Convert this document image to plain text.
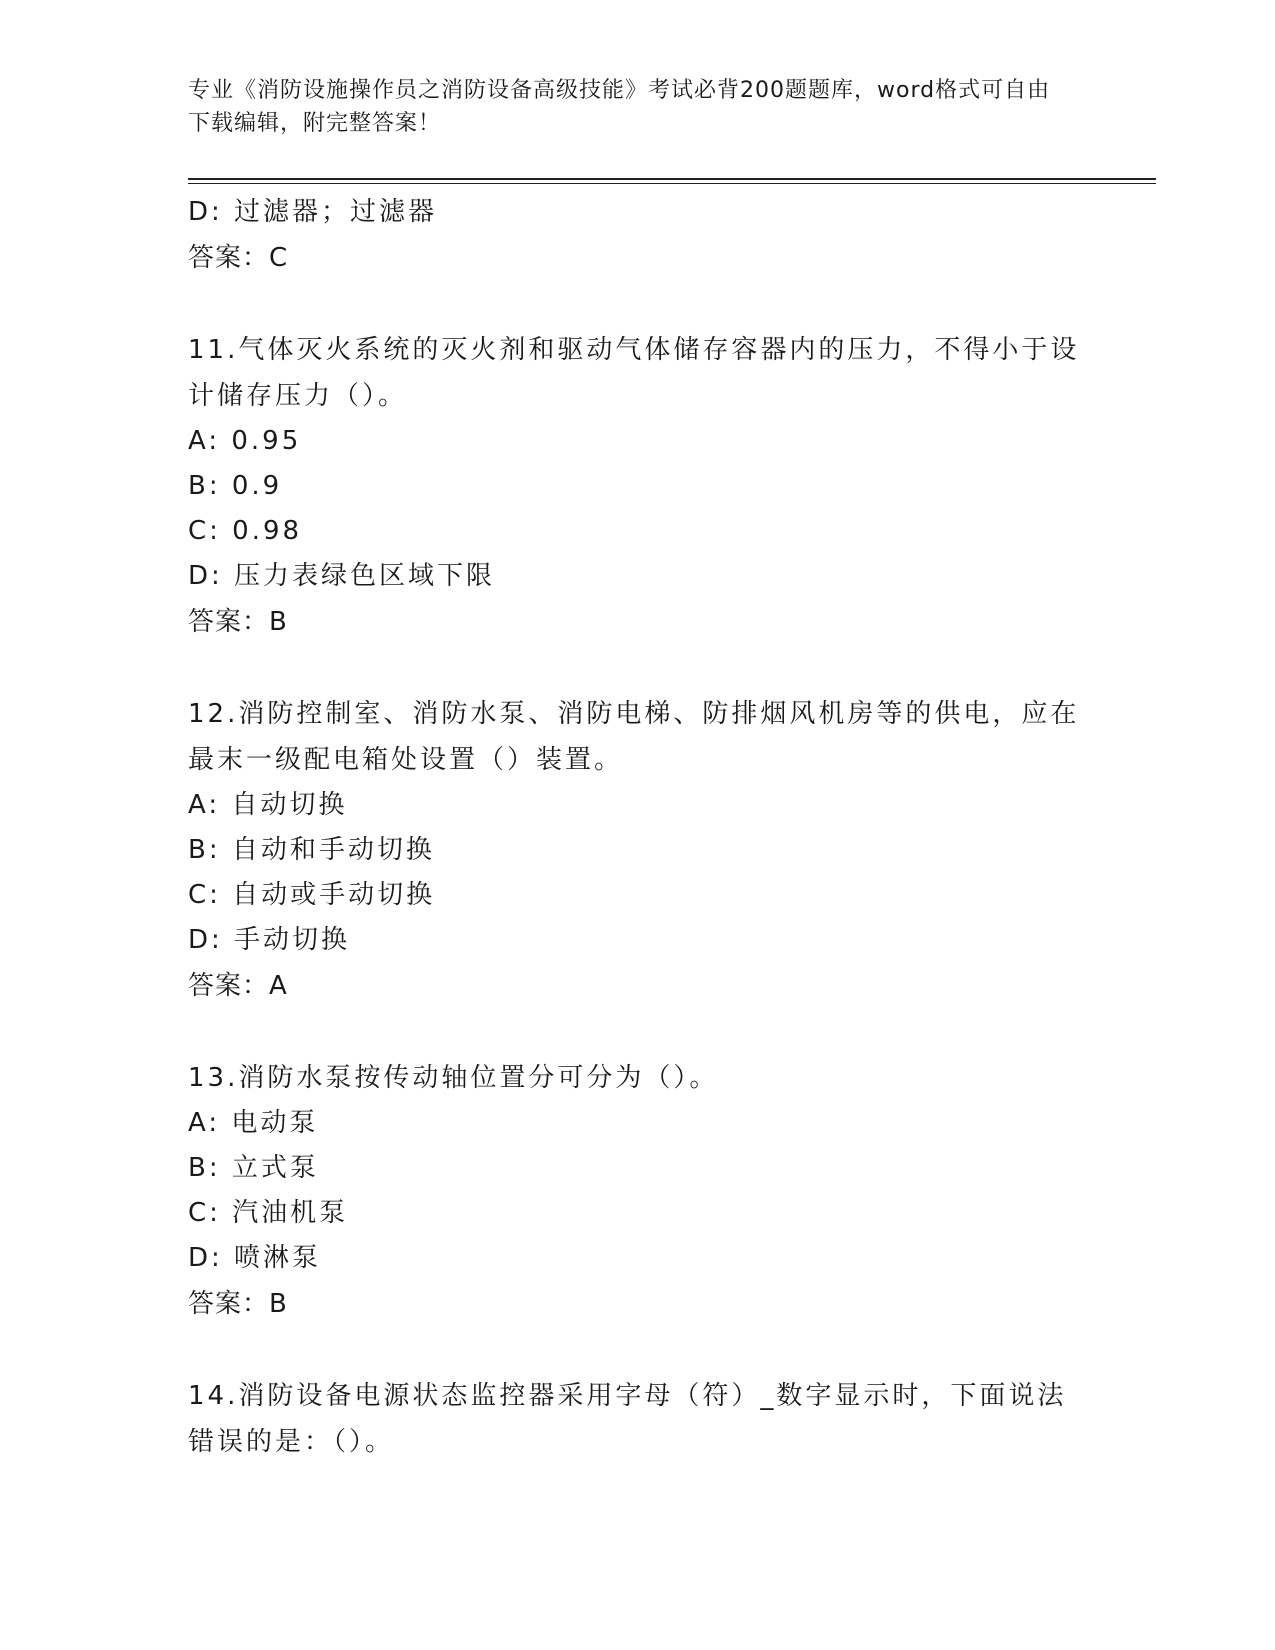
专业《消防设施操作员之消防设备高级技能》考试必背200题题库，word格式可自由下载编辑，附完整答案！
D: 过滤器；过滤器
答案：C
11.气体灭火系统的灭火剂和驱动气体储存容器内的压力，不得小于设计储存压力（）。
A: 0.95
B: 0.9
C: 0.98
D: 压力表绿色区域下限
答案：B
12.消防控制室、消防水泵、消防电梯、防排烟风机房等的供电，应在最末一级配电箱处设置（）装置。
A: 自动切换
B: 自动和手动切换
C: 自动或手动切换
D: 手动切换
答案：A
13.消防水泵按传动轴位置分可分为（）。
A: 电动泵
B: 立式泵
C: 汽油机泵
D: 喷淋泵
答案：B
14.消防设备电源状态监控器采用字母（符）_数字显示时，下面说法错误的是：（）。
